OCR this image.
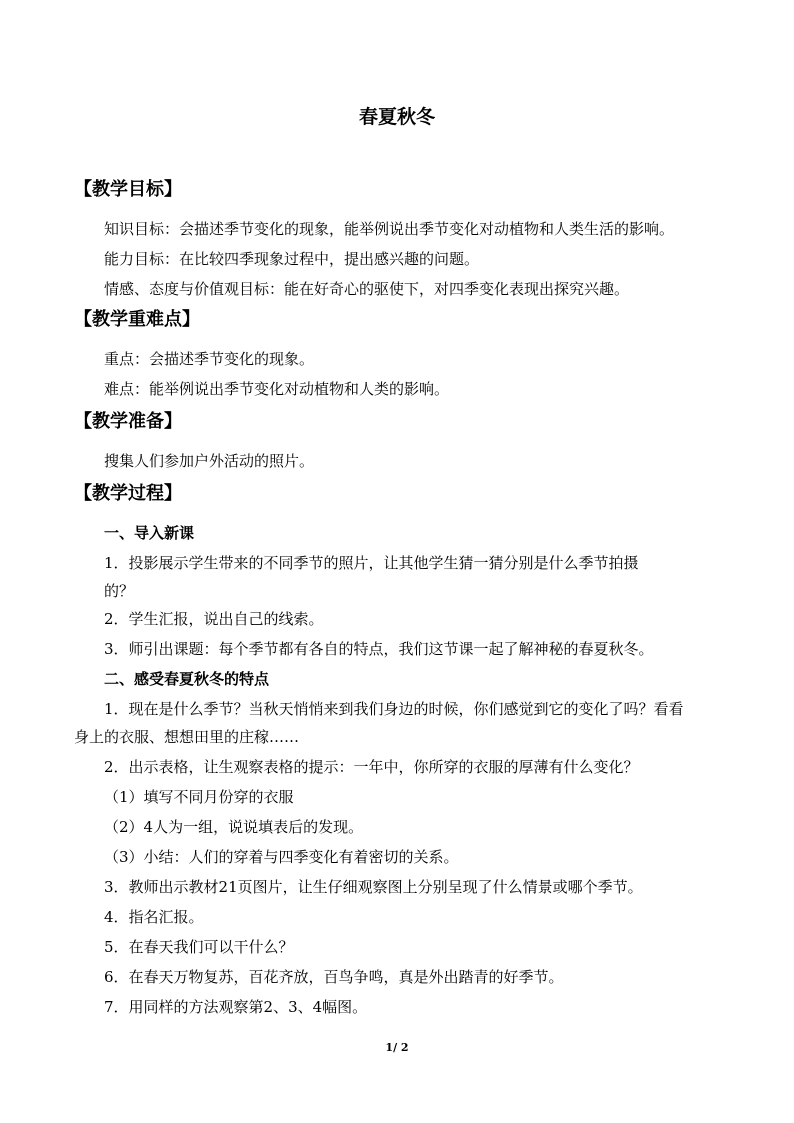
春夏秋冬
【教学目标】
知识目标：会描述季节变化的现象，能举例说出季节变化对动植物和人类生活的影响。
能力目标：在比较四季现象过程中，提出感兴趣的问题。
情感、态度与价值观目标：能在好奇心的驱使下，对四季变化表现出探究兴趣。
【教学重难点】
重点：会描述季节变化的现象。
难点：能举例说出季节变化对动植物和人类的影响。
【教学准备】
搜集人们参加户外活动的照片。
【教学过程】
一、导入新课
1．投影展示学生带来的不同季节的照片，让其他学生猜一猜分别是什么季节拍摄
的？
2．学生汇报，说出自己的线索。
3．师引出课题：每个季节都有各自的特点，我们这节课一起了解神秘的春夏秋冬。
二、感受春夏秋冬的特点
1．现在是什么季节？当秋天悄悄来到我们身边的时候，你们感觉到它的变化了吗？看看
身上的衣服、想想田里的庄稼……
2．出示表格，让生观察表格的提示：一年中，你所穿的衣服的厚薄有什么变化？
（1）填写不同月份穿的衣服
（2）4人为一组，说说填表后的发现。
（3）小结：人们的穿着与四季变化有着密切的关系。
3．教师出示教材21页图片，让生仔细观察图上分别呈现了什么情景或哪个季节。
4．指名汇报。
5．在春天我们可以干什么？
6．在春天万物复苏，百花齐放，百鸟争鸣，真是外出踏青的好季节。
7．用同样的方法观察第2、3、4幅图。
1/ 2
